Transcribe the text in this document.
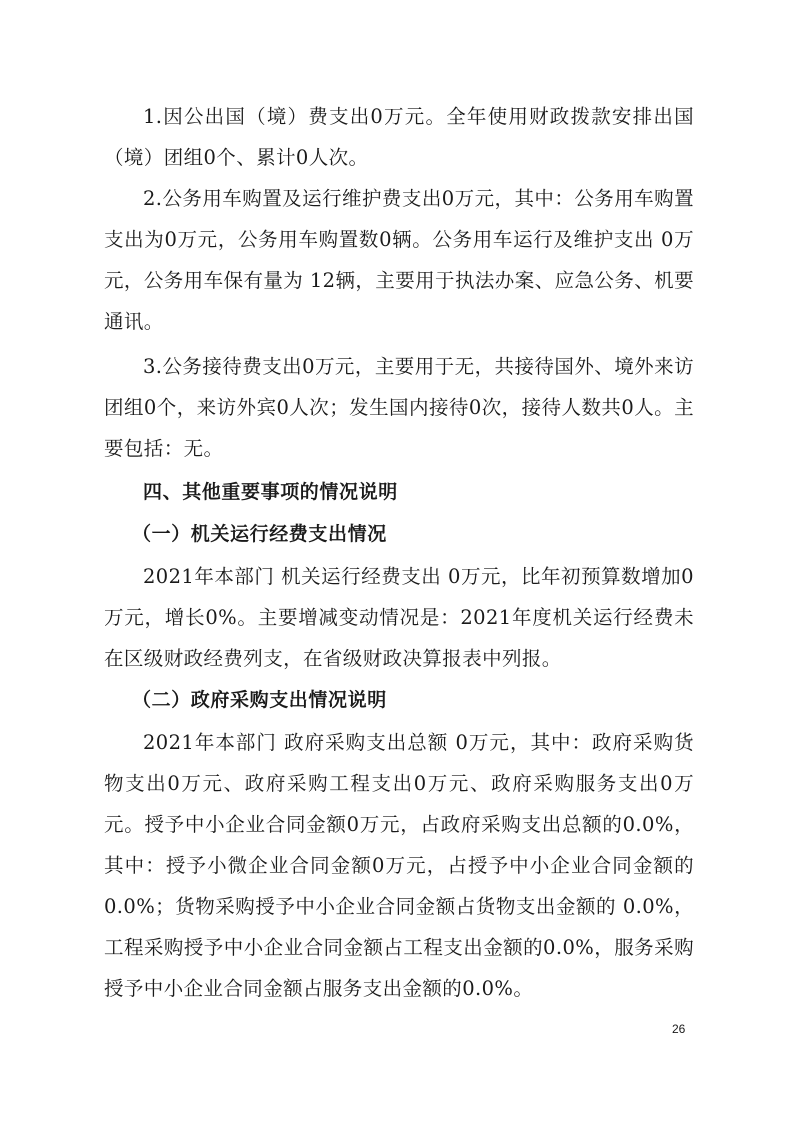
1.因公出国（境）费支出0万元。全年使用财政拨款安排出国（境）团组0个、累计0人次。

2.公务用车购置及运行维护费支出0万元，其中：公务用车购置支出为0万元，公务用车购置数0辆。公务用车运行及维护支出 0万元，公务用车保有量为 12辆，主要用于执法办案、应急公务、机要通讯。

3.公务接待费支出0万元，主要用于无，共接待国外、境外来访团组0个，来访外宾0人次；发生国内接待0次，接待人数共0人。主要包括：无。

四、其他重要事项的情况说明
（一）机关运行经费支出情况

2021年本部门 机关运行经费支出 0万元，比年初预算数增加0万元，增长0%。主要增减变动情况是：2021年度机关运行经费未在区级财政经费列支，在省级财政决算报表中列报。

（二）政府采购支出情况说明

2021年本部门 政府采购支出总额 0万元，其中：政府采购货物支出0万元、政府采购工程支出0万元、政府采购服务支出0万元。授予中小企业合同金额0万元，占政府采购支出总额的0.0%，其中：授予小微企业合同金额0万元，占授予中小企业合同金额的 0.0%；货物采购授予中小企业合同金额占货物支出金额的 0.0%，工程采购授予中小企业合同金额占工程支出金额的0.0%，服务采购授予中小企业合同金额占服务支出金额的0.0%。

26
